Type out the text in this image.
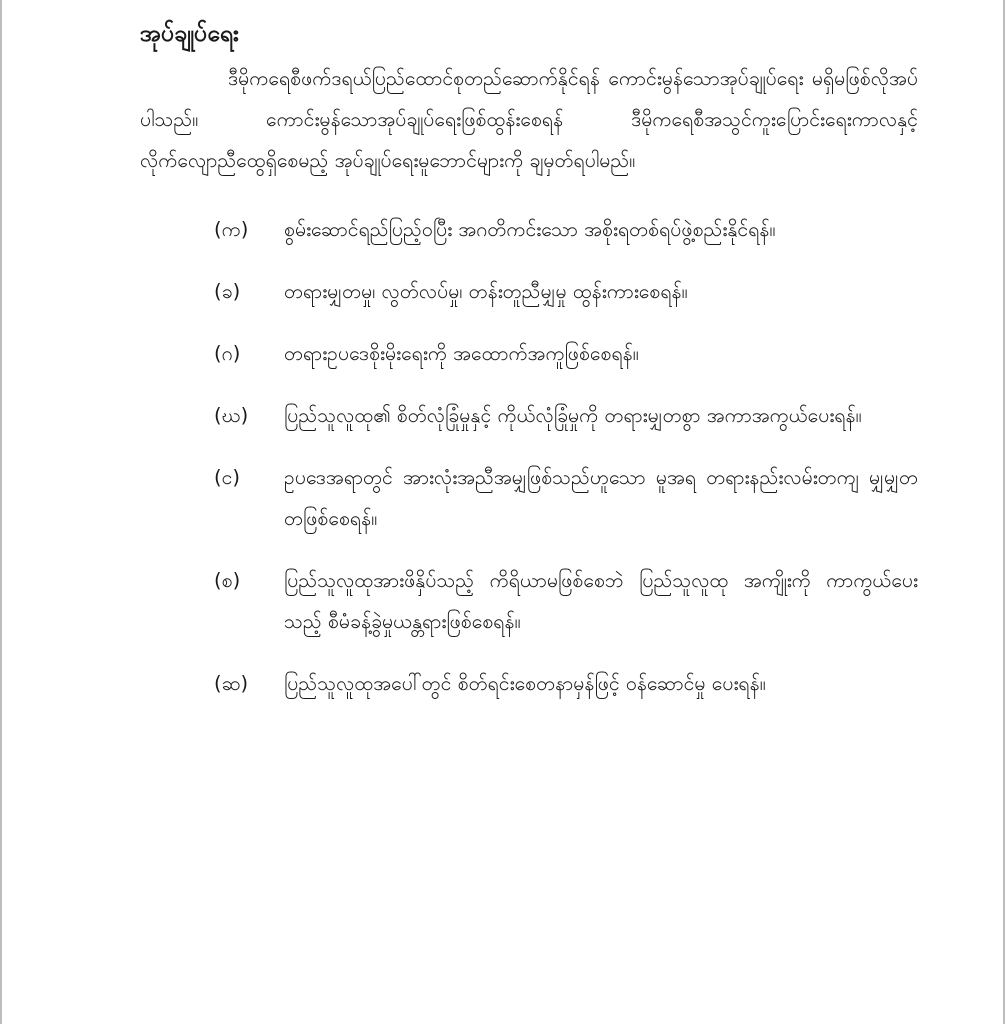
အုပ်ချုပ်ရေး

ဒီမိုကရေစီဖက်ဒရယ်ပြည်ထောင်စုတည်ဆောက်နိုင်ရန် ကောင်းမွန်သောအုပ်ချုပ်ရေး မရှိမဖြစ်လိုအပ်ပါသည်။ ကောင်းမွန်သောအုပ်ချုပ်ရေးဖြစ်ထွန်းစေရန် ဒီမိုကရေစီအသွင်ကူးပြောင်းရေးကာလနှင့် လိုက်လျောညီထွေရှိစေမည့် အုပ်ချုပ်ရေးမူဘောင်များကို ချမှတ်ရပါမည်။

(က)	စွမ်းဆောင်ရည်ပြည့်ဝပြီး အဂတိကင်းသော အစိုးရတစ်ရပ်ဖွဲ့စည်းနိုင်ရန်။
(ခ)	တရားမျှတမှု၊ လွတ်လပ်မှု၊ တန်းတူညီမျှမှု ထွန်းကားစေရန်။
(ဂ)	တရားဥပဒေစိုးမိုးရေးကို အထောက်အကူဖြစ်စေရန်။
(ဃ)	ပြည်သူလူထု၏ စိတ်လုံခြုံမှုနှင့် ကိုယ်လုံခြုံမှုကို တရားမျှတစွာ အကာအကွယ်ပေးရန်။
(င)	ဥပဒေအရာတွင် အားလုံးအညီအမျှဖြစ်သည်ဟူသော မူအရ တရားနည်းလမ်းတကျ မျှမျှတတဖြစ်စေရန်။
(စ)	ပြည်သူလူထုအားဖိနှိပ်သည့် ကိရိယာမဖြစ်စေဘဲ ပြည်သူလူထု အကျိုးကို ကာကွယ်ပေးသည့် စီမံခန့်ခွဲမှုယန္တရားဖြစ်စေရန်။
(ဆ)	ပြည်သူလူထုအပေါ်တွင် စိတ်ရင်းစေတနာမှန်ဖြင့် ဝန်ဆောင်မှု ပေးရန်။
